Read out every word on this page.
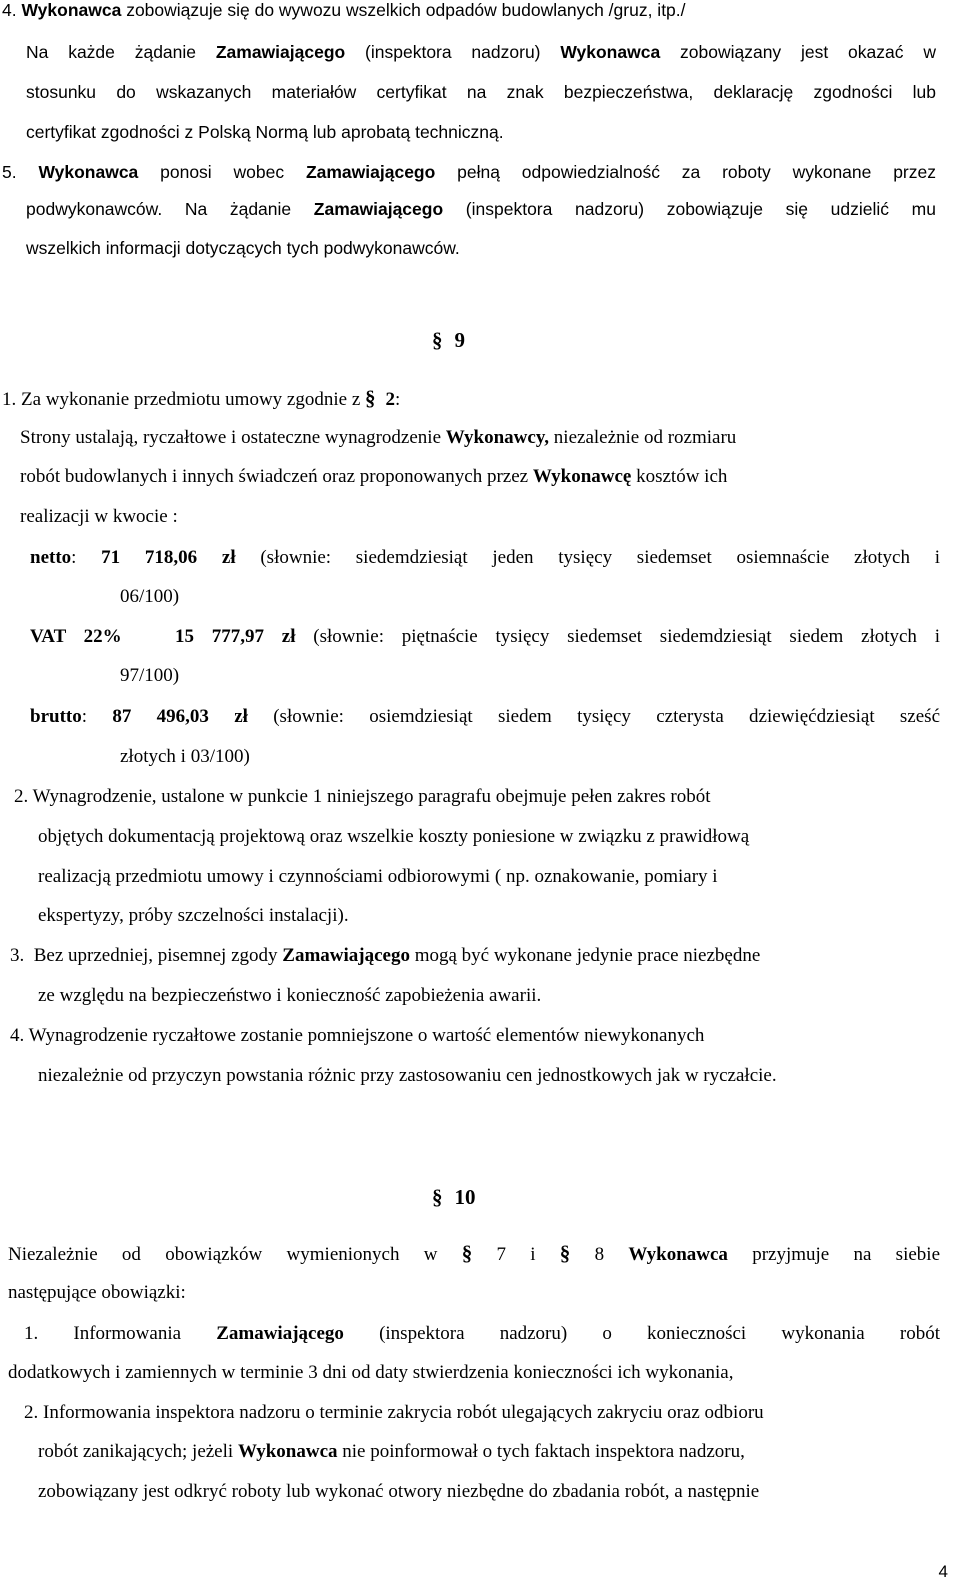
4. Wykonawca zobowiązuje się do wywozu wszelkich odpadów budowlanych /gruz, itp./
Na każde żądanie Zamawiającego (inspektora nadzoru) Wykonawca zobowiązany jest okazać w
stosunku do wskazanych materiałów certyfikat na znak bezpieczeństwa, deklarację zgodności lub
certyfikat zgodności z Polską Normą lub aprobatą techniczną.
5. Wykonawca ponosi wobec Zamawiającego pełną odpowiedzialność za roboty wykonane przez
podwykonawców. Na żądanie Zamawiającego (inspektora nadzoru) zobowiązuje się udzielić mu
wszelkich informacji dotyczących tych podwykonawców.
§ 9
1. Za wykonanie przedmiotu umowy zgodnie z § 2:
Strony ustalają, ryczałtowe i ostateczne wynagrodzenie Wykonawcy, niezależnie od rozmiaru
robót budowlanych i innych świadczeń oraz proponowanych przez Wykonawcę kosztów ich
realizacji w kwocie :
netto: 71 718,06 zł (słownie: siedemdziesiąt jeden tysięcy siedemset osiemnaście złotych i
06/100)
VAT 22%   15 777,97 zł (słownie: piętnaście tysięcy siedemset siedemdziesiąt siedem złotych i
97/100)
brutto: 87 496,03 zł (słownie: osiemdziesiąt siedem tysięcy czterysta dziewięćdziesiąt sześć
złotych i 03/100)
2. Wynagrodzenie, ustalone w punkcie 1 niniejszego paragrafu obejmuje pełen zakres robót
objętych dokumentacją projektową oraz wszelkie koszty poniesione w związku z prawidłową
realizacją przedmiotu umowy i czynnościami odbiorowymi ( np. oznakowanie, pomiary i
ekspertyzy, próby szczelności instalacji).
3.  Bez uprzedniej, pisemnej zgody Zamawiającego mogą być wykonane jedynie prace niezbędne
ze względu na bezpieczeństwo i konieczność zapobieżenia awarii.
4. Wynagrodzenie ryczałtowe zostanie pomniejszone o wartość elementów niewykonanych
niezależnie od przyczyn powstania różnic przy zastosowaniu cen jednostkowych jak w ryczałcie.
§ 10
Niezależnie od obowiązków wymienionych w § 7 i § 8 Wykonawca przyjmuje na siebie
następujące obowiązki:
1. Informowania Zamawiającego (inspektora nadzoru) o konieczności wykonania robót
dodatkowych i zamiennych w terminie 3 dni od daty stwierdzenia konieczności ich wykonania,
2. Informowania inspektora nadzoru o terminie zakrycia robót ulegających zakryciu oraz odbioru
robót zanikających; jeżeli Wykonawca nie poinformował o tych faktach inspektora nadzoru,
zobowiązany jest odkryć roboty lub wykonać otwory niezbędne do zbadania robót, a następnie
4
